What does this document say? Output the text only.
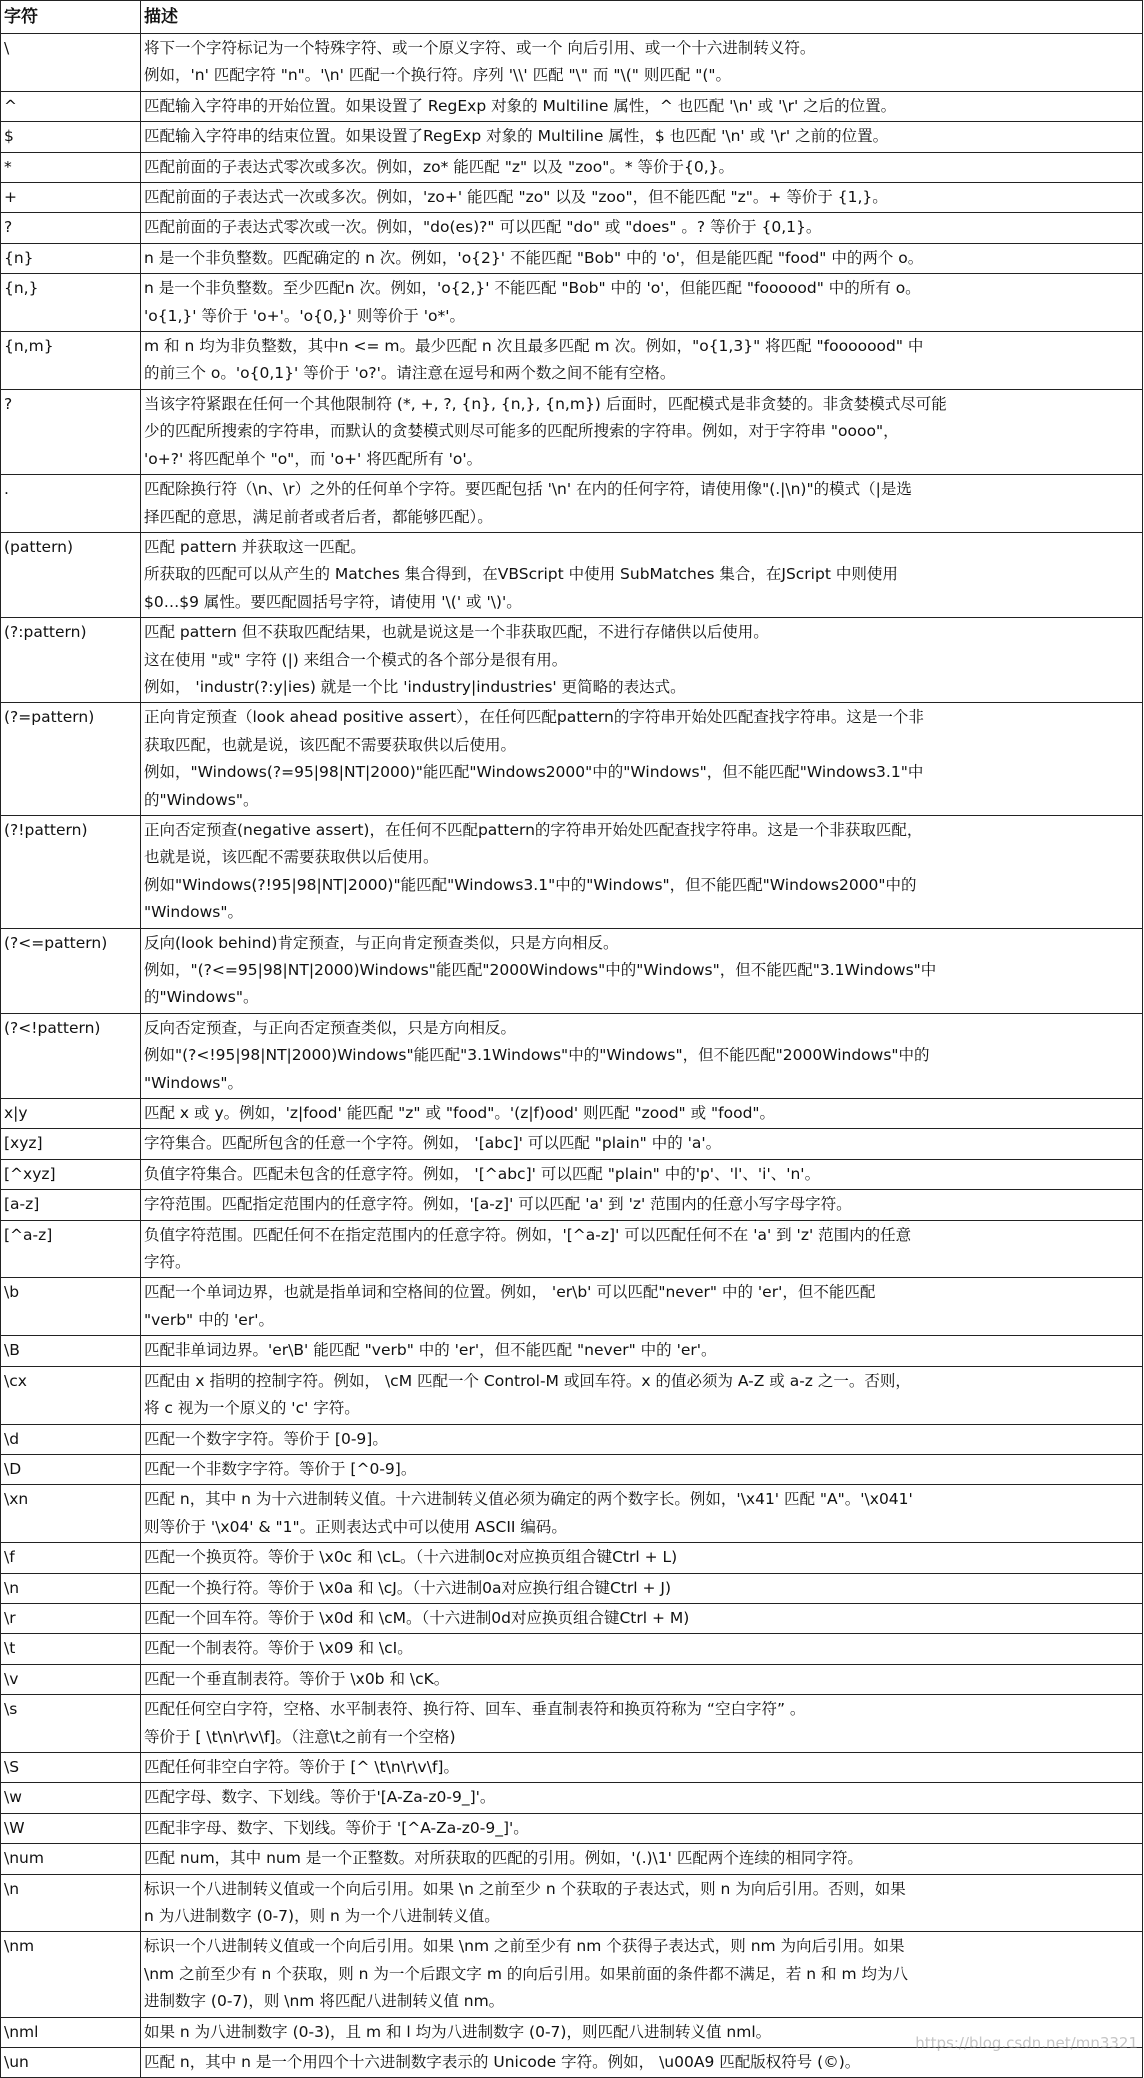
字符	描述
\	将下一个字符标记为一个特殊字符、或一个原义字符、或一个 向后引用、或一个十六进制转义符。
例如，'n' 匹配字符 "n"。'\n' 匹配一个换行符。序列 '\\' 匹配 "\" 而 "\(" 则匹配 "("。

^	匹配输入字符串的开始位置。如果设置了 RegExp 对象的 Multiline 属性，^ 也匹配 '\n' 或 '\r' 之后的位置。

$	匹配输入字符串的结束位置。如果设置了RegExp 对象的 Multiline 属性，$ 也匹配 '\n' 或 '\r' 之前的位置。

*	匹配前面的子表达式零次或多次。例如，zo* 能匹配 "z" 以及 "zoo"。* 等价于{0,}。

+	匹配前面的子表达式一次或多次。例如，'zo+' 能匹配 "zo" 以及 "zoo"，但不能匹配 "z"。+ 等价于 {1,}。

?	匹配前面的子表达式零次或一次。例如，"do(es)?" 可以匹配 "do" 或 "does" 。? 等价于 {0,1}。

{n}	n 是一个非负整数。匹配确定的 n 次。例如，'o{2}' 不能匹配 "Bob" 中的 'o'，但是能匹配 "food" 中的两个 o。

{n,}	n 是一个非负整数。至少匹配n 次。例如，'o{2,}' 不能匹配 "Bob" 中的 'o'，但能匹配 "foooood" 中的所有 o。
'o{1,}' 等价于 'o+'。'o{0,}' 则等价于 'o*'。

{n,m}	m 和 n 均为非负整数，其中n <= m。最少匹配 n 次且最多匹配 m 次。例如，"o{1,3}" 将匹配 "fooooood" 中
的前三个 o。'o{0,1}' 等价于 'o?'。请注意在逗号和两个数之间不能有空格。

?	当该字符紧跟在任何一个其他限制符 (*, +, ?, {n}, {n,}, {n,m}) 后面时，匹配模式是非贪婪的。非贪婪模式尽可能
少的匹配所搜索的字符串，而默认的贪婪模式则尽可能多的匹配所搜索的字符串。例如，对于字符串 "oooo"，
'o+?' 将匹配单个 "o"，而 'o+' 将匹配所有 'o'。

.	匹配除换行符（\n、\r）之外的任何单个字符。要匹配包括 '\n' 在内的任何字符，请使用像"(.|\n)"的模式（|是选
择匹配的意思，满足前者或者后者，都能够匹配）。

(pattern)	匹配 pattern 并获取这一匹配。
所获取的匹配可以从产生的 Matches 集合得到，在VBScript 中使用 SubMatches 集合，在JScript 中则使用
$0…$9 属性。要匹配圆括号字符，请使用 '\(' 或 '\)'。

(?:pattern)	匹配 pattern 但不获取匹配结果，也就是说这是一个非获取匹配，不进行存储供以后使用。
这在使用 "或" 字符 (|) 来组合一个模式的各个部分是很有用。
例如， 'industr(?:y|ies) 就是一个比 'industry|industries' 更简略的表达式。

(?=pattern)	正向肯定预查（look ahead positive assert），在任何匹配pattern的字符串开始处匹配查找字符串。这是一个非
获取匹配，也就是说，该匹配不需要获取供以后使用。
例如，"Windows(?=95|98|NT|2000)"能匹配"Windows2000"中的"Windows"，但不能匹配"Windows3.1"中
的"Windows"。

(?!pattern)	正向否定预查(negative assert)，在任何不匹配pattern的字符串开始处匹配查找字符串。这是一个非获取匹配，
也就是说，该匹配不需要获取供以后使用。
例如"Windows(?!95|98|NT|2000)"能匹配"Windows3.1"中的"Windows"，但不能匹配"Windows2000"中的
"Windows"。

(?<=pattern)	反向(look behind)肯定预查，与正向肯定预查类似，只是方向相反。
例如，"(?<=95|98|NT|2000)Windows"能匹配"2000Windows"中的"Windows"，但不能匹配"3.1Windows"中
的"Windows"。

(?<!pattern)	反向否定预查，与正向否定预查类似，只是方向相反。
例如"(?<!95|98|NT|2000)Windows"能匹配"3.1Windows"中的"Windows"，但不能匹配"2000Windows"中的
"Windows"。

x|y	匹配 x 或 y。例如，'z|food' 能匹配 "z" 或 "food"。'(z|f)ood' 则匹配 "zood" 或 "food"。

[xyz]	字符集合。匹配所包含的任意一个字符。例如， '[abc]' 可以匹配 "plain" 中的 'a'。

[^xyz]	负值字符集合。匹配未包含的任意字符。例如， '[^abc]' 可以匹配 "plain" 中的'p'、'l'、'i'、'n'。

[a-z]	字符范围。匹配指定范围内的任意字符。例如，'[a-z]' 可以匹配 'a' 到 'z' 范围内的任意小写字母字符。

[^a-z]	负值字符范围。匹配任何不在指定范围内的任意字符。例如，'[^a-z]' 可以匹配任何不在 'a' 到 'z' 范围内的任意
字符。

\b	匹配一个单词边界，也就是指单词和空格间的位置。例如， 'er\b' 可以匹配"never" 中的 'er'，但不能匹配
"verb" 中的 'er'。

\B	匹配非单词边界。'er\B' 能匹配 "verb" 中的 'er'，但不能匹配 "never" 中的 'er'。

\cx	匹配由 x 指明的控制字符。例如， \cM 匹配一个 Control-M 或回车符。x 的值必须为 A-Z 或 a-z 之一。否则，
将 c 视为一个原义的 'c' 字符。

\d	匹配一个数字字符。等价于 [0-9]。

\D	匹配一个非数字字符。等价于 [^0-9]。

\xn	匹配 n，其中 n 为十六进制转义值。十六进制转义值必须为确定的两个数字长。例如，'\x41' 匹配 "A"。'\x041'
则等价于 '\x04' & "1"。正则表达式中可以使用 ASCII 编码。

\f	匹配一个换页符。等价于 \x0c 和 \cL。（十六进制0c对应换页组合键Ctrl + L)

\n	匹配一个换行符。等价于 \x0a 和 \cJ。（十六进制0a对应换行组合键Ctrl + J)

\r	匹配一个回车符。等价于 \x0d 和 \cM。（十六进制0d对应换页组合键Ctrl + M)

\t	匹配一个制表符。等价于 \x09 和 \cI。

\v	匹配一个垂直制表符。等价于 \x0b 和 \cK。

\s	匹配任何空白字符，空格、水平制表符、换行符、回车、垂直制表符和换页符称为 “空白字符” 。
等价于 [ \t\n\r\v\f]。（注意\t之前有一个空格)

\S	匹配任何非空白字符。等价于 [^ \t\n\r\v\f]。

\w	匹配字母、数字、下划线。等价于'[A-Za-z0-9_]'。

\W	匹配非字母、数字、下划线。等价于 '[^A-Za-z0-9_]'。

\num	匹配 num，其中 num 是一个正整数。对所获取的匹配的引用。例如，'(.)\1' 匹配两个连续的相同字符。

\n	标识一个八进制转义值或一个向后引用。如果 \n 之前至少 n 个获取的子表达式，则 n 为向后引用。否则，如果
n 为八进制数字 (0-7)，则 n 为一个八进制转义值。

\nm	标识一个八进制转义值或一个向后引用。如果 \nm 之前至少有 nm 个获得子表达式，则 nm 为向后引用。如果
\nm 之前至少有 n 个获取，则 n 为一个后跟文字 m 的向后引用。如果前面的条件都不满足，若 n 和 m 均为八
进制数字 (0-7)，则 \nm 将匹配八进制转义值 nm。

\nml	如果 n 为八进制数字 (0-3)，且 m 和 l 均为八进制数字 (0-7)，则匹配八进制转义值 nml。

\un	匹配 n，其中 n 是一个用四个十六进制数字表示的 Unicode 字符。例如， \u00A9 匹配版权符号 (©)。
https://blog.csdn.net/mn3321
